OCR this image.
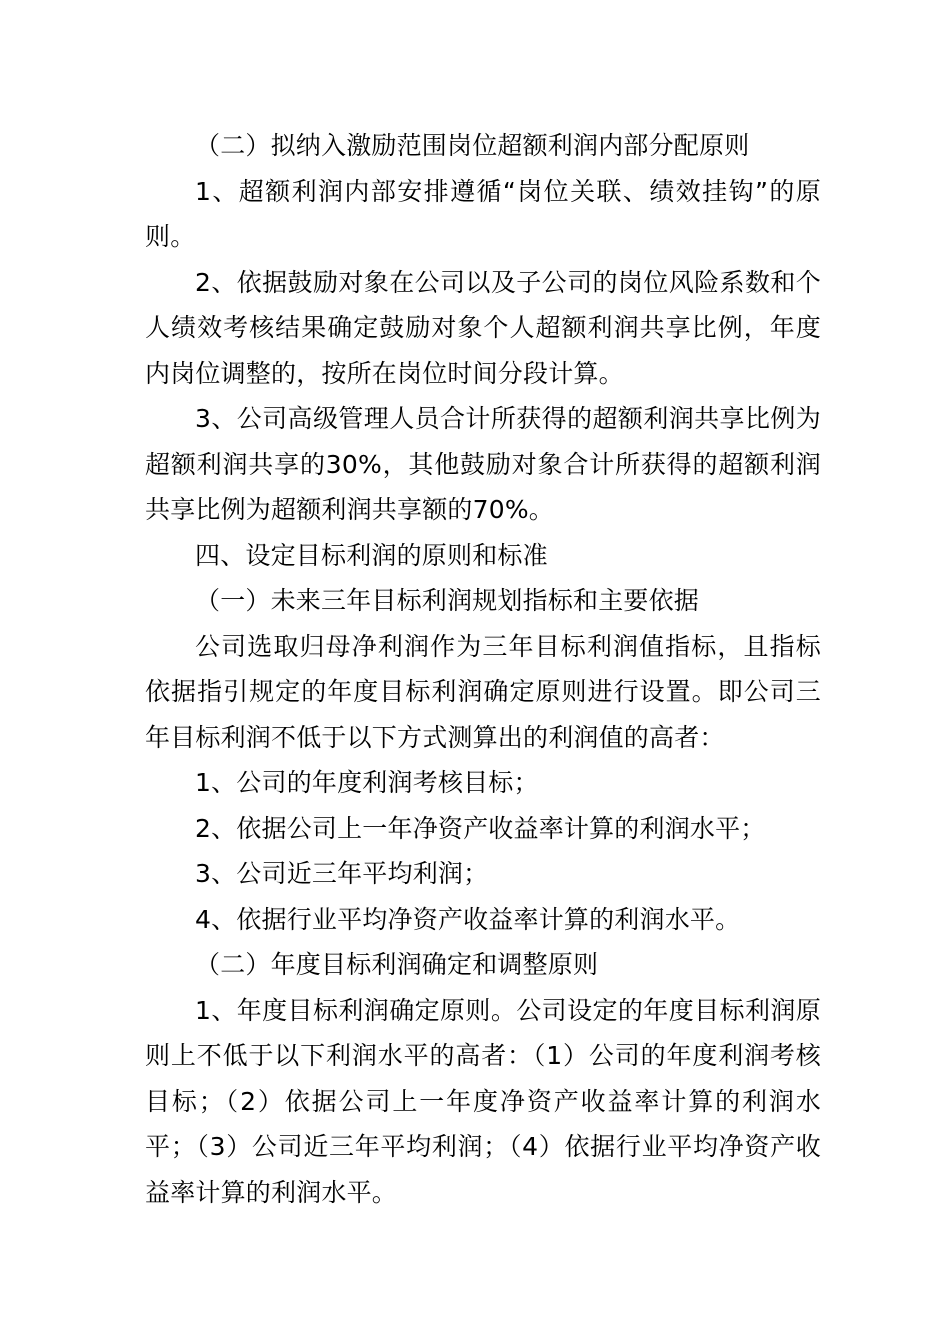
（二）拟纳入激励范围岗位超额利润内部分配原则

1、超额利润内部安排遵循“岗位关联、绩效挂钩”的原则。

2、依据鼓励对象在公司以及子公司的岗位风险系数和个人绩效考核结果确定鼓励对象个人超额利润共享比例，年度内岗位调整的，按所在岗位时间分段计算。

3、公司高级管理人员合计所获得的超额利润共享比例为超额利润共享的30%，其他鼓励对象合计所获得的超额利润共享比例为超额利润共享额的70%。

四、设定目标利润的原则和标准

（一）未来三年目标利润规划指标和主要依据

公司选取归母净利润作为三年目标利润值指标，且指标依据指引规定的年度目标利润确定原则进行设置。即公司三年目标利润不低于以下方式测算出的利润值的高者：

1、公司的年度利润考核目标；

2、依据公司上一年净资产收益率计算的利润水平；

3、公司近三年平均利润；

4、依据行业平均净资产收益率计算的利润水平。

（二）年度目标利润确定和调整原则

1、年度目标利润确定原则。公司设定的年度目标利润原则上不低于以下利润水平的高者：（1）公司的年度利润考核目标；（2）依据公司上一年度净资产收益率计算的利润水平；（3）公司近三年平均利润；（4）依据行业平均净资产收益率计算的利润水平。
